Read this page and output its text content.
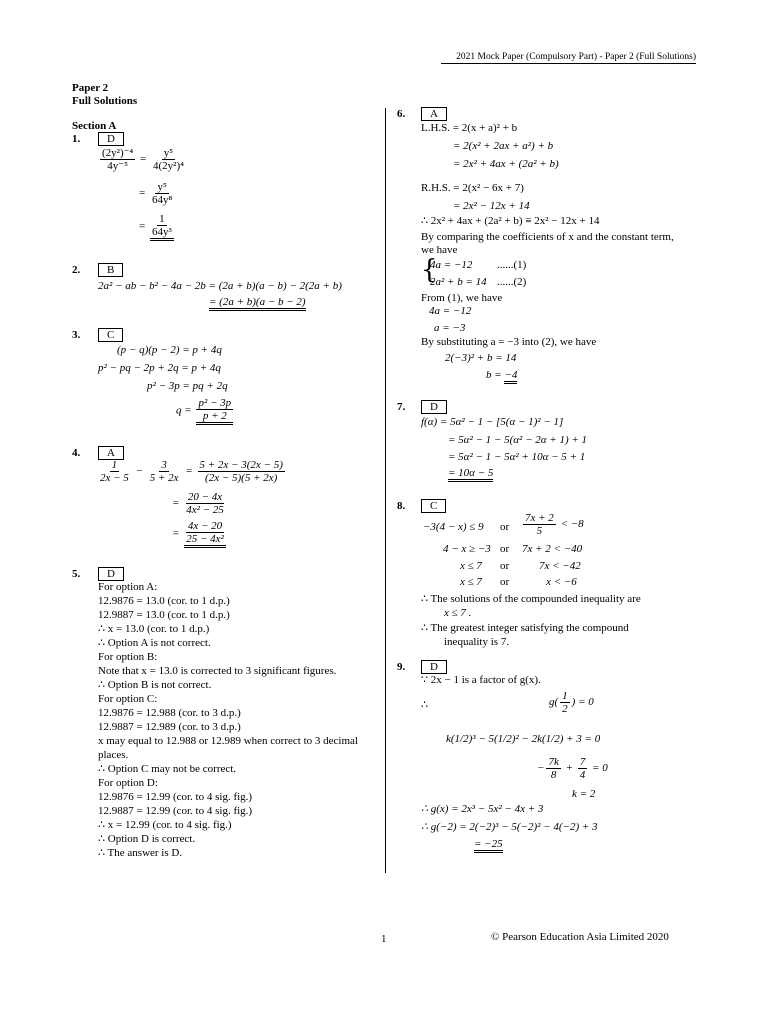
2021 Mock Paper (Compulsory Part) - Paper 2 (Full Solutions)
Paper 2
Full Solutions
Section A
1.	D
$\frac{\text{(2y²)⁻⁴}}{\text{4y⁻⁵}} = \frac{\text{y⁵}}{\text{4(2y²)⁴}}$
= $\frac{\text{y⁵}}{\text{64y⁸}}$
= $\frac{1}{\text{64y³}}$
2.	B
2a² − ab − b² − 4a − 2b = (2a + b)(a − b) − 2(2a + b)
= (2a + b)(a − b − 2)
3.	C
(p − q)(p − 2) = p + 4q
p² − pq − 2p + 2q = p + 4q
p² − 3p = pq + 2q
$q = \frac{\text{p² − 3p}}{p + 2}$
4.	A
$\frac{1}{2x - 5} - \frac{3}{5 + 2x} = \frac{5 + 2x - 3(2x - 5)}{(2x - 5)(5 + 2x)}$
= $\frac{20 - 4x}{\text{4x² − 25}}$
= $\frac{4x - 20}{\text{25 − 4x²}}$
5.	D
For option A:
12.9876 = 13.0 (cor. to 1 d.p.)
12.9887 = 13.0 (cor. to 1 d.p.)
∴ x = 13.0 (cor. to 1 d.p.)
∴ Option A is not correct.
For option B:
Note that x = 13.0 is corrected to 3 significant figures.
∴ Option B is not correct.
For option C:
12.9876 = 12.988 (cor. to 3 d.p.)
12.9887 = 12.989 (cor. to 3 d.p.)
x may equal to 12.988 or 12.989 when correct to 3 decimal
places.
∴ Option C may not be correct.
For option D:
12.9876 = 12.99 (cor. to 4 sig. fig.)
12.9887 = 12.99 (cor. to 4 sig. fig.)
∴ x = 12.99 (cor. to 4 sig. fig.)
∴ Option D is correct.
∴ The answer is D.
6.	A
L.H.S. = 2(x + a)² + b
= 2(x² + 2ax + a²) + b
= 2x² + 4ax + (2a² + b)
R.H.S. = 2(x² − 6x + 7)
= 2x² − 12x + 14
∴ 2x² + 4ax + (2a² + b) ≡ 2x² − 12x + 14
By comparing the coefficients of x and the constant term,
we have
{
4a = −12 ......(1)
2a² + b = 14 ......(2)
From (1), we have
4a = −12
a = −3
By substituting a = −3 into (2), we have
2(−3)² + b = 14
b = −4
7.	D
f(α) = 5α² − 1 − [5(α − 1)² − 1]
= 5α² − 1 − 5(α² − 2α + 1) + 1
= 5α² − 1 − 5α² + 10α − 5 + 1
= 10α − 5
8.	C
−3(4 − x) ≤ 9 or $\frac{7x + 2}{5} < -8$
4 − x ≥ −3 or 7x + 2 < −40
x ≤ 7 or	7x < −42
x ≤ 7 or	x < −6
∴ The solutions of the compounded inequality are
x ≤ 7 .
∴ The greatest integer satisfying the compound
inequality is 7.
9.	D
∵ 2x − 1 is a factor of g(x).
∴	$g( \frac{1}{2}$ ) = 0
k(1/2)³ − 5(1/2)² − 2k(1/2) + 3 = 0
− $\frac{7k}{8} + \frac{7}{4} = 0$
k = 2
∴ g(x) = 2x³ − 5x² − 4x + 3
∴ g(−2) = 2(−2)³ − 5(−2)² − 4(−2) + 3
= −25
1	© Pearson Education Asia Limited 2020
